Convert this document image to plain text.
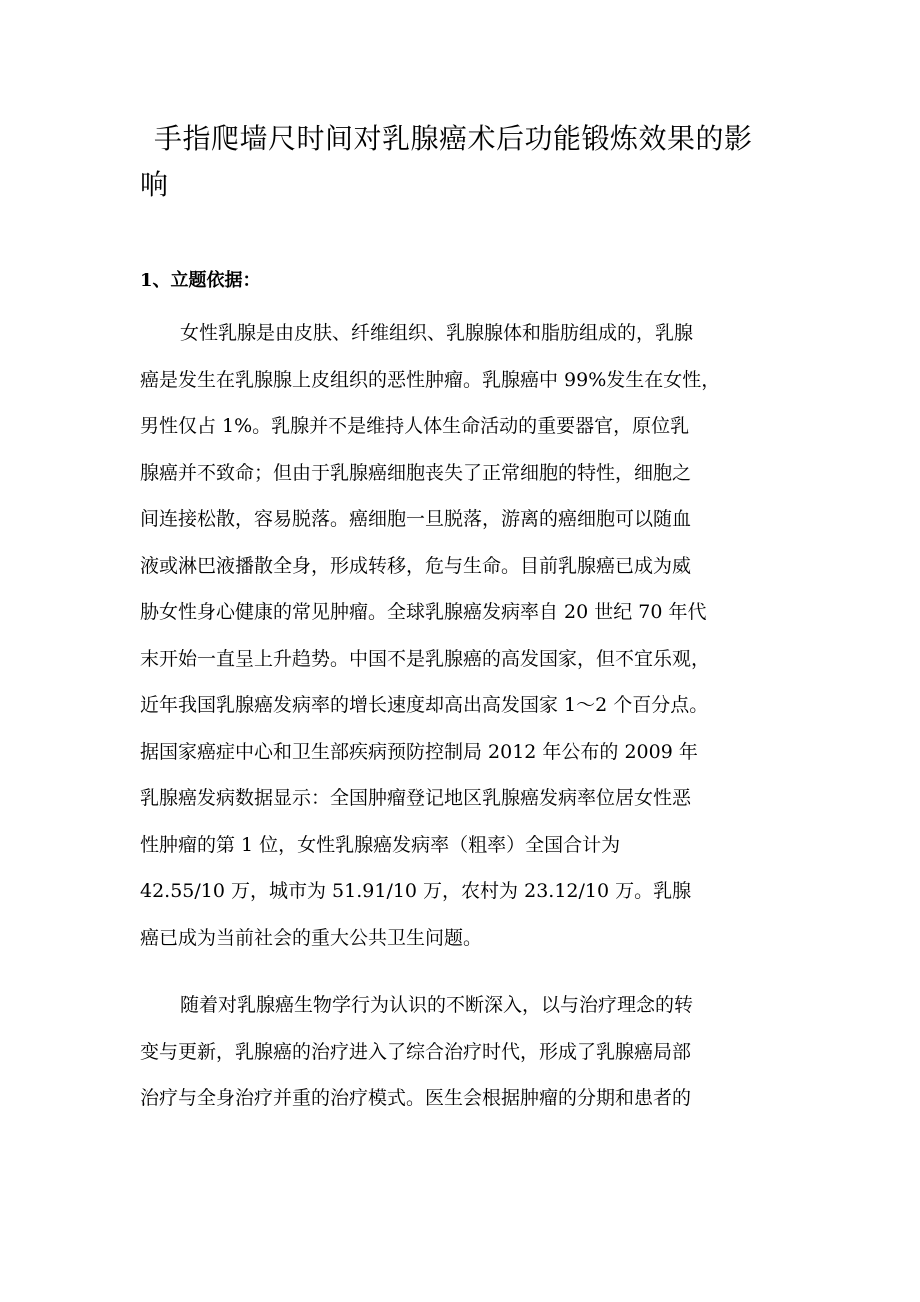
手指爬墙尺时间对乳腺癌术后功能锻炼效果的影响
1、立题依据：
女性乳腺是由皮肤、纤维组织、乳腺腺体和脂肪组成的，乳腺
癌是发生在乳腺腺上皮组织的恶性肿瘤。乳腺癌中 99%发生在女性，
男性仅占 1%。乳腺并不是维持人体生命活动的重要器官，原位乳
腺癌并不致命；但由于乳腺癌细胞丧失了正常细胞的特性，细胞之
间连接松散，容易脱落。癌细胞一旦脱落，游离的癌细胞可以随血
液或淋巴液播散全身，形成转移，危与生命。目前乳腺癌已成为威
胁女性身心健康的常见肿瘤。全球乳腺癌发病率自 20 世纪 70 年代
末开始一直呈上升趋势。中国不是乳腺癌的高发国家，但不宜乐观，
近年我国乳腺癌发病率的增长速度却高出高发国家 1～2 个百分点。
据国家癌症中心和卫生部疾病预防控制局 2012 年公布的 2009 年
乳腺癌发病数据显示：全国肿瘤登记地区乳腺癌发病率位居女性恶
性肿瘤的第 1 位，女性乳腺癌发病率（粗率）全国合计为
42.55/10 万，城市为 51.91/10 万，农村为 23.12/10 万。乳腺
癌已成为当前社会的重大公共卫生问题。
随着对乳腺癌生物学行为认识的不断深入，以与治疗理念的转
变与更新，乳腺癌的治疗进入了综合治疗时代，形成了乳腺癌局部
治疗与全身治疗并重的治疗模式。医生会根据肿瘤的分期和患者的
